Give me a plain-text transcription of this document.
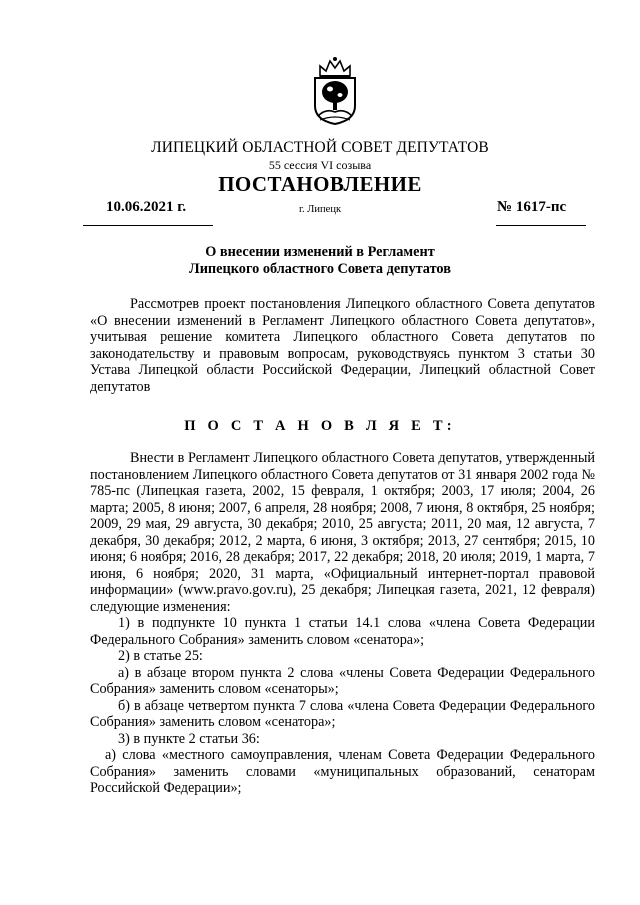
ЛИПЕЦКИЙ ОБЛАСТНОЙ СОВЕТ ДЕПУТАТОВ
55 сессия VI созыва
ПОСТАНОВЛЕНИЕ
10.06.2021 г.	г. Липецк	№ 1617-пс
О внесении изменений в Регламент
Липецкого областного Совета депутатов

Рассмотрев проект постановления Липецкого областного Совета депутатов «О внесении изменений в Регламент Липецкого областного Совета депутатов», учитывая решение комитета Липецкого областного Совета депутатов по законодательству и правовым вопросам, руководствуясь пунктом 3 статьи 30 Устава Липецкой области Российской Федерации, Липецкий областной Совет депутатов

П О С Т А Н О В Л Я Е Т:

Внести в Регламент Липецкого областного Совета депутатов, утвержденный постановлением Липецкого областного Совета депутатов от 31 января 2002 года № 785-пс (Липецкая газета, 2002, 15 февраля, 1 октября; 2003, 17 июля; 2004, 26 марта; 2005, 8 июня; 2007, 6 апреля, 28 ноября; 2008, 7 июня, 8 октября, 25 ноября; 2009, 29 мая, 29 августа, 30 декабря; 2010, 25 августа; 2011, 20 мая, 12 августа, 7 декабря, 30 декабря; 2012, 2 марта, 6 июня, 3 октября; 2013, 27 сентября; 2015, 10 июня; 6 ноября; 2016, 28 декабря; 2017, 22 декабря; 2018, 20 июля; 2019, 1 марта, 7 июня, 6 ноября; 2020, 31 марта, «Официальный интернет-портал правовой информации» (www.pravo.gov.ru), 25 декабря; Липецкая газета, 2021, 12 февраля) следующие изменения:

1) в подпункте 10 пункта 1 статьи 14.1 слова «члена Совета Федерации Федерального Собрания» заменить словом «сенатора»;

2) в статье 25:

а) в абзаце втором пункта 2 слова «члены Совета Федерации Федерального Собрания» заменить словом «сенаторы»;

б) в абзаце четвертом пункта 7 слова «члена Совета Федерации Федерального Собрания» заменить словом «сенатора»;

3) в пункте 2 статьи 36:

а) слова «местного самоуправления, членам Совета Федерации Федерального Собрания» заменить словами «муниципальных образований, сенаторам Российской Федерации»;
